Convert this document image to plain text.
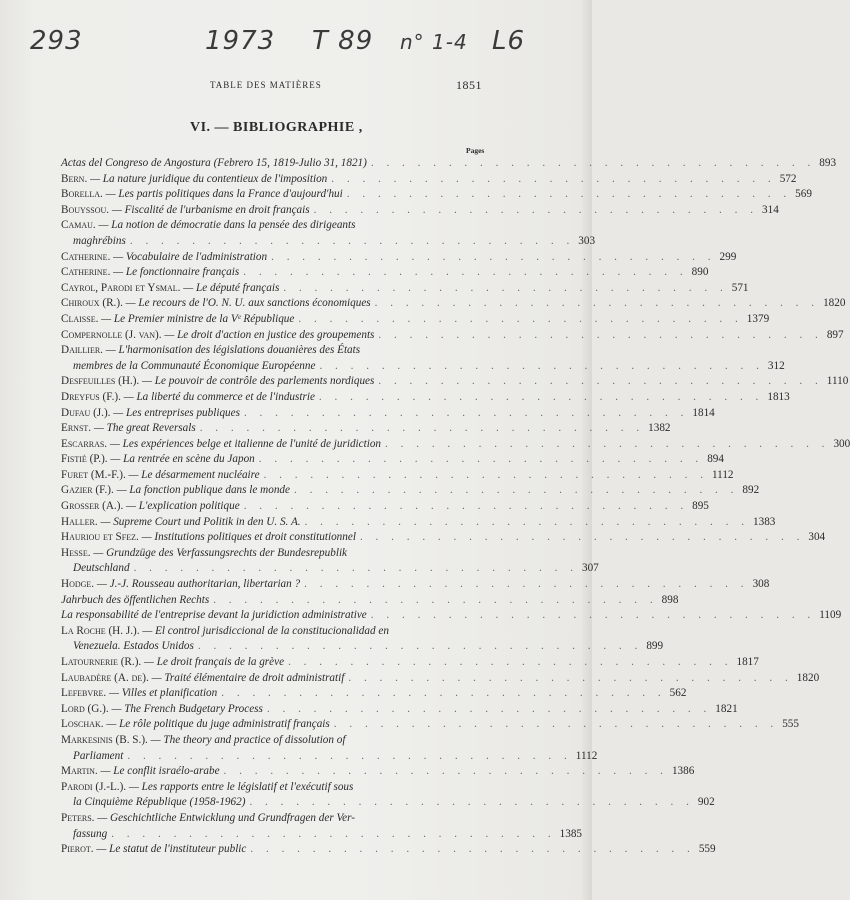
293	1973 T 89 n° 1-4 L6
TABLE DES MATIÈRES	1851
VI. — BIBLIOGRAPHIE ,
Pages
Actas del Congreso de Angostura (Febrero 15, 1819-Julio 31, 1821) . . . . . . . . . . . . . . . . . . . . . . . . . . . . . 893
Bern. — La nature juridique du contentieux de l'imposition . . . . . . . . . . . . . . . . . . . . . . . . . . . . . 572
Borella. — Les partis politiques dans la France d'aujourd'hui . . . . . . . . . . . . . . . . . . . . . . . . . . . . . 569
Bouyssou. — Fiscalité de l'urbanisme en droit français . . . . . . . . . . . . . . . . . . . . . . . . . . . . . 314
Camau. — La notion de démocratie dans la pensée des dirigeants
maghrébins . . . . . . . . . . . . . . . . . . . . . . . . . . . . . 303
Catherine. — Vocabulaire de l'administration . . . . . . . . . . . . . . . . . . . . . . . . . . . . . 299
Catherine. — Le fonctionnaire français . . . . . . . . . . . . . . . . . . . . . . . . . . . . . 890
Cayrol, Parodi et Ysmal. — Le député français . . . . . . . . . . . . . . . . . . . . . . . . . . . . . 571
Chiroux (R.). — Le recours de l'O. N. U. aux sanctions économiques . . . . . . . . . . . . . . . . . . . . . . . . . . . . . 1820
Claisse. — Le Premier ministre de la Vᵉ République . . . . . . . . . . . . . . . . . . . . . . . . . . . . . 1379
Compernolle (J. van). — Le droit d'action en justice des groupements . . . . . . . . . . . . . . . . . . . . . . . . . . . . . 897
Daillier. — L'harmonisation des législations douanières des États
membres de la Communauté Économique Européenne . . . . . . . . . . . . . . . . . . . . . . . . . . . . . 312
Desfeuilles (H.). — Le pouvoir de contrôle des parlements nordiques . . . . . . . . . . . . . . . . . . . . . . . . . . . . . 1110
Dreyfus (F.). — La liberté du commerce et de l'industrie . . . . . . . . . . . . . . . . . . . . . . . . . . . . . 1813
Dufau (J.). — Les entreprises publiques . . . . . . . . . . . . . . . . . . . . . . . . . . . . . 1814
Ernst. — The great Reversals . . . . . . . . . . . . . . . . . . . . . . . . . . . . . 1382
Escarras. — Les expériences belge et italienne de l'unité de juridiction . . . . . . . . . . . . . . . . . . . . . . . . . . . . . 300
Fistié (P.). — La rentrée en scène du Japon . . . . . . . . . . . . . . . . . . . . . . . . . . . . . 894
Furet (M.-F.). — Le désarmement nucléaire . . . . . . . . . . . . . . . . . . . . . . . . . . . . . 1112
Gazier (F.). — La fonction publique dans le monde . . . . . . . . . . . . . . . . . . . . . . . . . . . . . 892
Grosser (A.). — L'explication politique . . . . . . . . . . . . . . . . . . . . . . . . . . . . . 895
Haller. — Supreme Court und Politik in den U. S. A. . . . . . . . . . . . . . . . . . . . . . . . . . . . . . 1383
Hauriou et Sfez. — Institutions politiques et droit constitutionnel . . . . . . . . . . . . . . . . . . . . . . . . . . . . . 304
Hesse. — Grundzüge des Verfassungsrechts der Bundesrepublik
Deutschland . . . . . . . . . . . . . . . . . . . . . . . . . . . . . 307
Hodge. — J.-J. Rousseau authoritarian, libertarian ? . . . . . . . . . . . . . . . . . . . . . . . . . . . . . 308
Jahrbuch des öffentlichen Rechts . . . . . . . . . . . . . . . . . . . . . . . . . . . . . 898
La responsabilité de l'entreprise devant la juridiction administrative . . . . . . . . . . . . . . . . . . . . . . . . . . . . . 1109
La Roche (H. J.). — El control jurisdiccional de la constitucionalidad en
Venezuela. Estados Unidos . . . . . . . . . . . . . . . . . . . . . . . . . . . . . 899
Latournerie (R.). — Le droit français de la grève . . . . . . . . . . . . . . . . . . . . . . . . . . . . . 1817
Laubadère (A. de). — Traité élémentaire de droit administratif . . . . . . . . . . . . . . . . . . . . . . . . . . . . . 1820
Lefebvre. — Villes et planification . . . . . . . . . . . . . . . . . . . . . . . . . . . . . 562
Lord (G.). — The French Budgetary Process . . . . . . . . . . . . . . . . . . . . . . . . . . . . . 1821
Loschak. — Le rôle politique du juge administratif français . . . . . . . . . . . . . . . . . . . . . . . . . . . . . 555
Markesinis (B. S.). — The theory and practice of dissolution of
Parliament . . . . . . . . . . . . . . . . . . . . . . . . . . . . . 1112
Martin. — Le conflit israélo-arabe . . . . . . . . . . . . . . . . . . . . . . . . . . . . . 1386
Parodi (J.-L.). — Les rapports entre le législatif et l'exécutif sous
la Cinquième République (1958-1962) . . . . . . . . . . . . . . . . . . . . . . . . . . . . . 902
Peters. — Geschichtliche Entwicklung und Grundfragen der Ver-
fassung . . . . . . . . . . . . . . . . . . . . . . . . . . . . . 1385
Pierot. — Le statut de l'instituteur public . . . . . . . . . . . . . . . . . . . . . . . . . . . . . 559
